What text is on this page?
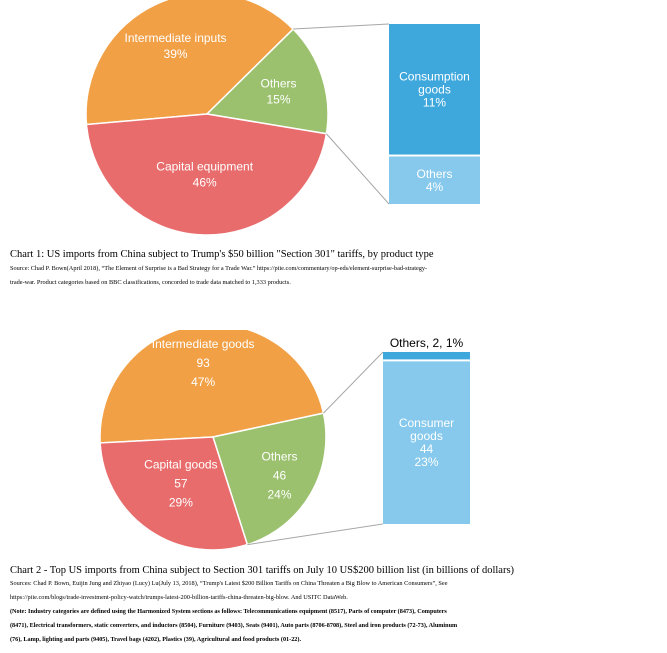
Intermediate inputs
39%
Others
15%
Capital equipment
46%
Consumption
goods
11%
Others
4%
Chart 1: US imports from China subject to Trump's $50 billion "Section 301" tariffs, by product type
Source: Chad P. Bown(April 2018), “The Element of Surprise is a Bad Strategy for a Trade War.” https://piie.com/commentary/op-eds/element-surprise-bad-strategy-
trade-war. Product categories based on BBC classifications, concorded to trade data matched to 1,333 products.
Intermediate goods
93
47%
Others
46
24%
Capital goods
57
29%
Consumer
goods
44
23%
Others, 2, 1%
Chart 2 - Top US imports from China subject to Section 301 tariffs on July 10 US$200 billion list (in billions of dollars)
Sources: Chad P. Bown, Euijin Jung and Zhiyao (Lucy) Lu(July 13, 2018), “Trump's Latest $200 Billion Tariffs on China Threaten a Big Blow to American Consumers”, See
https://piie.com/blogs/trade-investment-policy-watch/trumps-latest-200-billion-tariffs-china-threaten-big-blow. And USITC DataWeb.
(Note: Industry categories are defined using the Harmonized System sections as follows: Telecommunications equipment (8517), Parts of computer (8473), Computers
(8471), Electrical transformers, static converters, and inductors (8504), Furniture (9403), Seats (9401), Auto parts (8706-8708), Steel and iron products (72-73), Aluminum
(76), Lamp, lighting and parts (9405), Travel bags (4202), Plastics (39), Agricultural and food products (01-22).
